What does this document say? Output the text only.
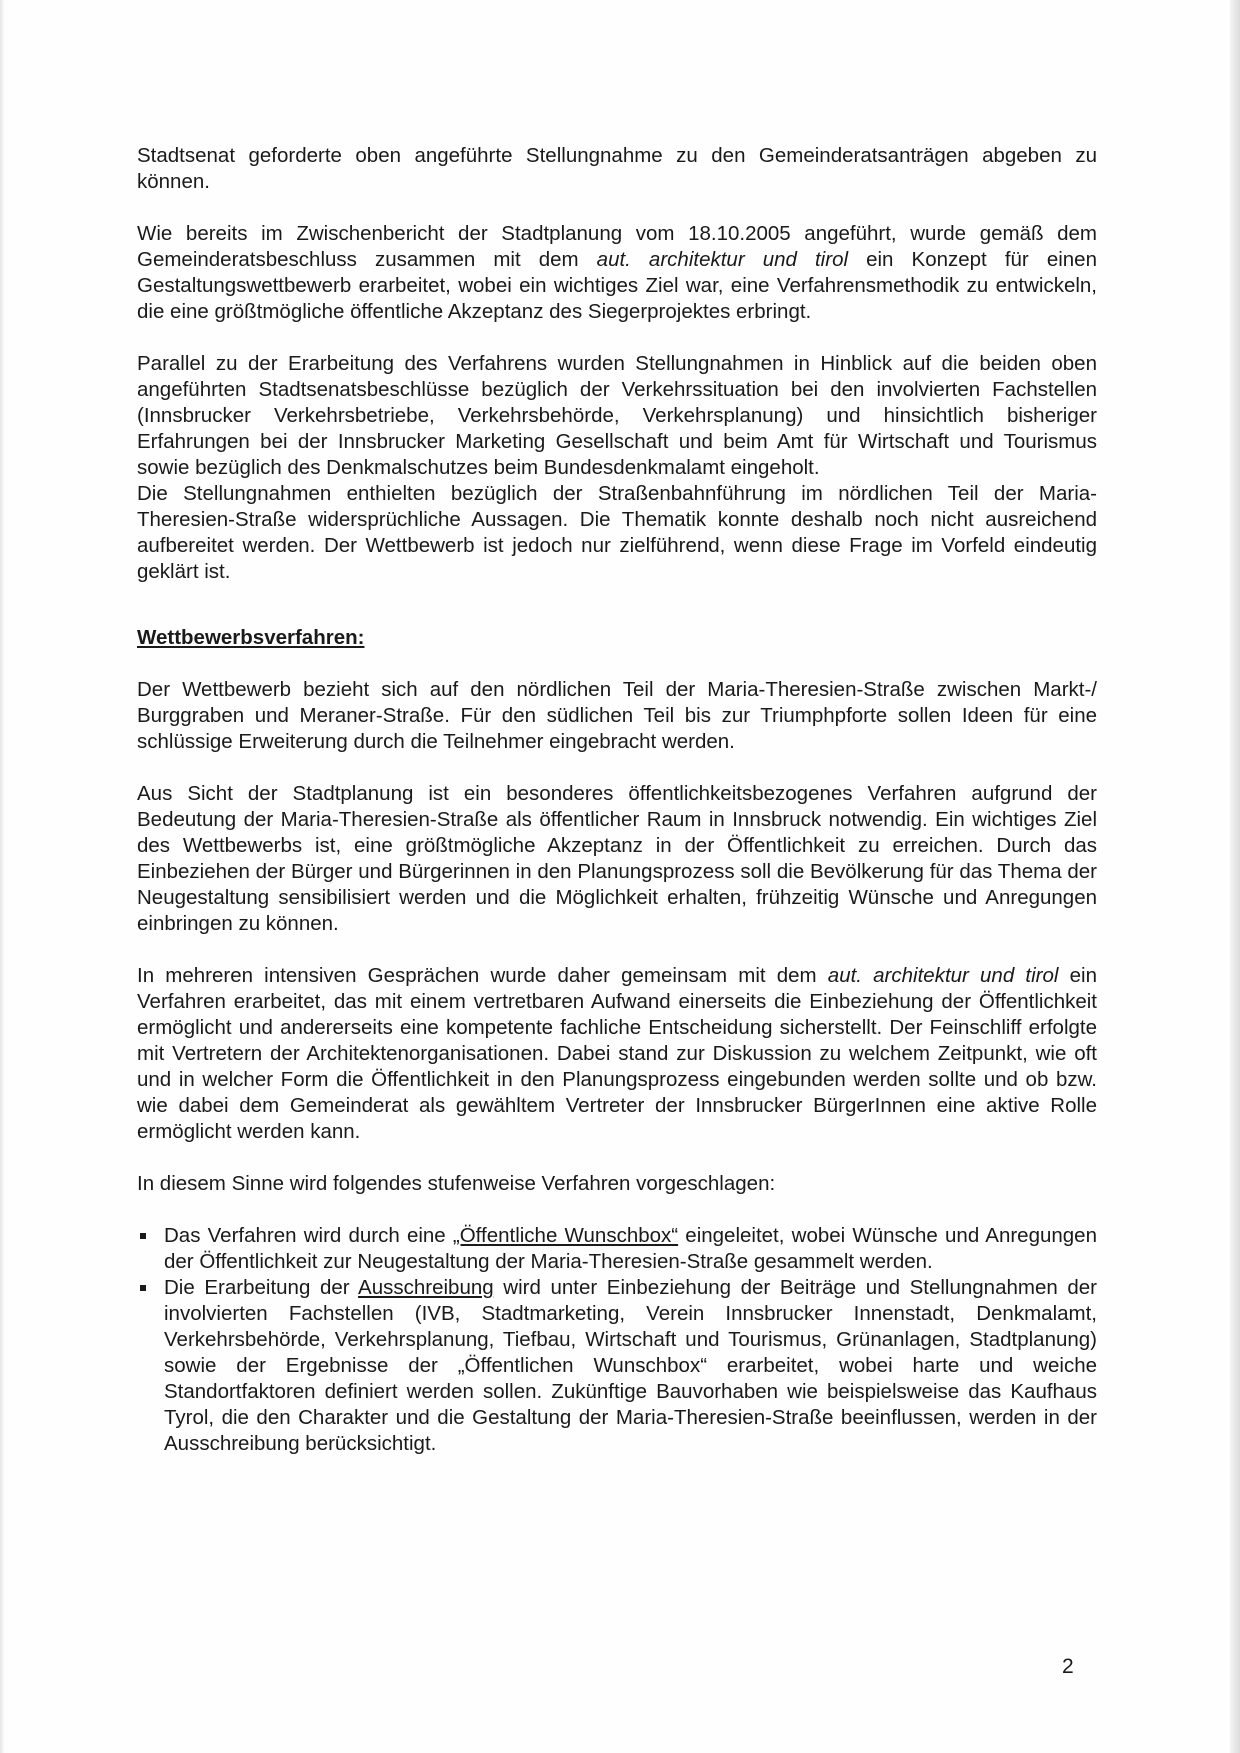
Stadtsenat geforderte oben angeführte Stellungnahme zu den Gemeinderatsanträgen abgeben zu können.

Wie bereits im Zwischenbericht der Stadtplanung vom 18.10.2005 angeführt, wurde gemäß dem Gemeinderatsbeschluss zusammen mit dem aut. architektur und tirol ein Konzept für einen Gestaltungswettbewerb erarbeitet, wobei ein wichtiges Ziel war, eine Verfahrensmethodik zu entwickeln, die eine größtmögliche öffentliche Akzeptanz des Siegerprojektes erbringt.

Parallel zu der Erarbeitung des Verfahrens wurden Stellungnahmen in Hinblick auf die beiden oben angeführten Stadtsenatsbeschlüsse bezüglich der Verkehrssituation bei den involvierten Fachstellen (Innsbrucker Verkehrsbetriebe, Verkehrsbehörde, Verkehrsplanung) und hinsichtlich bisheriger Erfahrungen bei der Innsbrucker Marketing Gesellschaft und beim Amt für Wirtschaft und Tourismus sowie bezüglich des Denkmalschutzes beim Bundesdenkmalamt eingeholt.

Die Stellungnahmen enthielten bezüglich der Straßenbahnführung im nördlichen Teil der Maria-Theresien-Straße widersprüchliche Aussagen. Die Thematik konnte deshalb noch nicht ausreichend aufbereitet werden. Der Wettbewerb ist jedoch nur zielführend, wenn diese Frage im Vorfeld eindeutig geklärt ist.

Wettbewerbsverfahren:

Der Wettbewerb bezieht sich auf den nördlichen Teil der Maria-Theresien-Straße zwischen Markt-/ Burggraben und Meraner-Straße. Für den südlichen Teil bis zur Triumphpforte sollen Ideen für eine schlüssige Erweiterung durch die Teilnehmer eingebracht werden.

Aus Sicht der Stadtplanung ist ein besonderes öffentlichkeitsbezogenes Verfahren aufgrund der Bedeutung der Maria-Theresien-Straße als öffentlicher Raum in Innsbruck notwendig. Ein wichtiges Ziel des Wettbewerbs ist, eine größtmögliche Akzeptanz in der Öffentlichkeit zu erreichen. Durch das Einbeziehen der Bürger und Bürgerinnen in den Planungsprozess soll die Bevölkerung für das Thema der Neugestaltung sensibilisiert werden und die Möglichkeit erhalten, frühzeitig Wünsche und Anregungen einbringen zu können.

In mehreren intensiven Gesprächen wurde daher gemeinsam mit dem aut. architektur und tirol ein Verfahren erarbeitet, das mit einem vertretbaren Aufwand einerseits die Einbeziehung der Öffentlichkeit ermöglicht und andererseits eine kompetente fachliche Entscheidung sicherstellt. Der Feinschliff erfolgte mit Vertretern der Architektenorganisationen. Dabei stand zur Diskussion zu welchem Zeitpunkt, wie oft und in welcher Form die Öffentlichkeit in den Planungsprozess eingebunden werden sollte und ob bzw. wie dabei dem Gemeinderat als gewähltem Vertreter der Innsbrucker BürgerInnen eine aktive Rolle ermöglicht werden kann.

In diesem Sinne wird folgendes stufenweise Verfahren vorgeschlagen:

Das Verfahren wird durch eine „Öffentliche Wunschbox“ eingeleitet, wobei Wünsche und Anregungen der Öffentlichkeit zur Neugestaltung der Maria-Theresien-Straße gesammelt werden.
Die Erarbeitung der Ausschreibung wird unter Einbeziehung der Beiträge und Stellungnahmen der involvierten Fachstellen (IVB, Stadtmarketing, Verein Innsbrucker Innenstadt, Denkmalamt, Verkehrsbehörde, Verkehrsplanung, Tiefbau, Wirtschaft und Tourismus, Grünanlagen, Stadtplanung) sowie der Ergebnisse der „Öffentlichen Wunschbox“ erarbeitet, wobei harte und weiche Standortfaktoren definiert werden sollen. Zukünftige Bauvorhaben wie beispielsweise das Kaufhaus Tyrol, die den Charakter und die Gestaltung der Maria-Theresien-Straße beeinflussen, werden in der Ausschreibung berücksichtigt.
2
